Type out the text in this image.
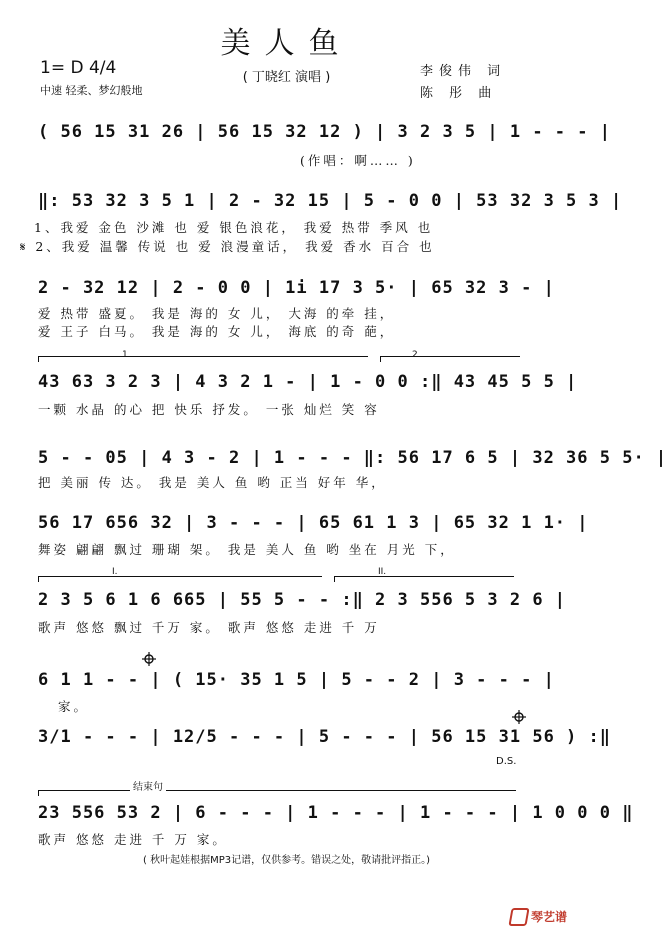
美人鱼
( 丁晓红 演唱 )
1= D 4/4
中速 轻柔、梦幻般地
李俊伟 词
陈 彤 曲
( 56 15 31 26 | 56 15 32 12 ) | 3 2 3 5 | 1 - - - |
(作唱：啊…… )
‖: 53 32 3 5 1 | 2 - 32 15 | 5 - 0 0 | 53 32 3 5 3 |
1、我爱 金色 沙滩 也 爱 银色浪花， 我爱 热带 季风 也
𝄋 2、我爱 温馨 传说 也 爱 浪漫童话， 我爱 香水 百合 也
2 - 32 12 | 2 - 0 0 | 1i 17 3 5· | 65 32 3 - |
爱 热带 盛夏。 我是 海的 女 儿， 大海 的牵 挂，
爱 王子 白马。 我是 海的 女 儿， 海底 的奇 葩，
1	2
43 63 3 2 3 | 4 3 2 1 - | 1 - 0 0 :‖ 43 45 5 5 |
一颗 水晶 的心 把 快乐 抒发。 一张 灿烂 笑 容
5 - - 05 | 4 3 - 2 | 1 - - - ‖: 56 17 6 5 | 32 36 5 5· |
把 美丽 传 达。 我是 美人 鱼 哟 正当 好年 华，
56 17 656 32 | 3 - - - | 65 61 1 3 | 65 32 1 1· |
舞姿 翩翩 飘过 珊瑚 架。 我是 美人 鱼 哟 坐在 月光 下，
I.	II.
2 3 5 6 1 6 665 | 55 5 - - :‖ 2 3 556 5 3 2 6 |
歌声 悠悠 飘过 千万 家。 歌声 悠悠 走进 千 万
6 1 1 - - | ( 15· 35 1 5 | 5 - - 2 | 3 - - - |
家。
3/1 - - - | 12/5 - - - | 5 - - - | 56 15 31 56 ) :‖
D.S.
结束句
23 556 53 2 | 6 - - - | 1 - - - | 1 - - - | 1 0 0 0 ‖
歌声 悠悠 走进 千 万 家。
( 秋叶起娃根据MP3记谱，仅供参考。错误之处，敬请批评指正。)
琴艺谱
